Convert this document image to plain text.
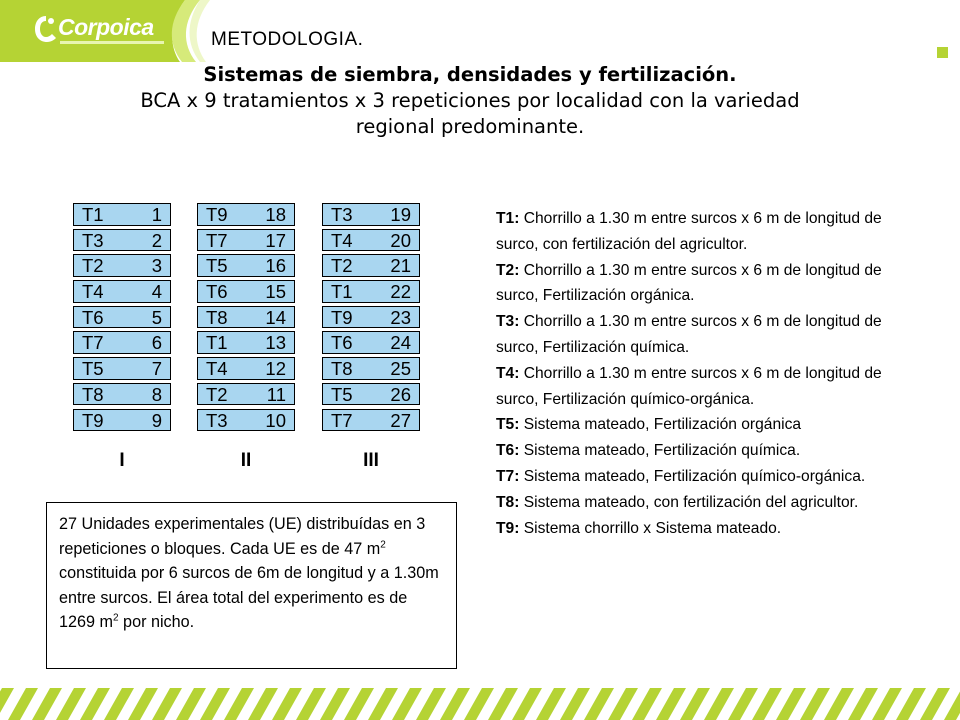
Corpoica	METODOLOGIA.
Sistemas de siembra, densidades y fertilización.
BCA x 9 tratamientos x 3 repeticiones por localidad con la variedad regional predominante.
T1	1
T3	2
T2	3
T4	4
T6	5
T7	6
T5	7
T8	8
T9	9
T9 18
T7 17
T5 16
T6 15
T8 14
T1 13
T4 12
T2 11
T3 10
T3 19
T4 20
T2 21
T1 22
T9 23
T6 24
T8 25
T5 26
T7 27
I	II	III
27 Unidades experimentales (UE) distribuídas en 3 repeticiones o bloques. Cada UE es de 47 $m^2$ constituida por 6 surcos de 6m de longitud y a 1.30m entre surcos. El área total del experimento es de 1269 $m^2$ por nicho.

T1: Chorrillo a 1.30 m entre surcos x 6 m de longitud de surco, con fertilización del agricultor.

T2: Chorrillo a 1.30 m entre surcos x 6 m de longitud de surco, Fertilización orgánica.

T3: Chorrillo a 1.30 m entre surcos x 6 m de longitud de surco, Fertilización química.

T4: Chorrillo a 1.30 m entre surcos x 6 m de longitud de surco, Fertilización químico-orgánica.

T5: Sistema mateado, Fertilización orgánica

T6: Sistema mateado, Fertilización química.

T7: Sistema mateado, Fertilización químico-orgánica.

T8: Sistema mateado, con fertilización del agricultor.

T9: Sistema chorrillo x Sistema mateado.
